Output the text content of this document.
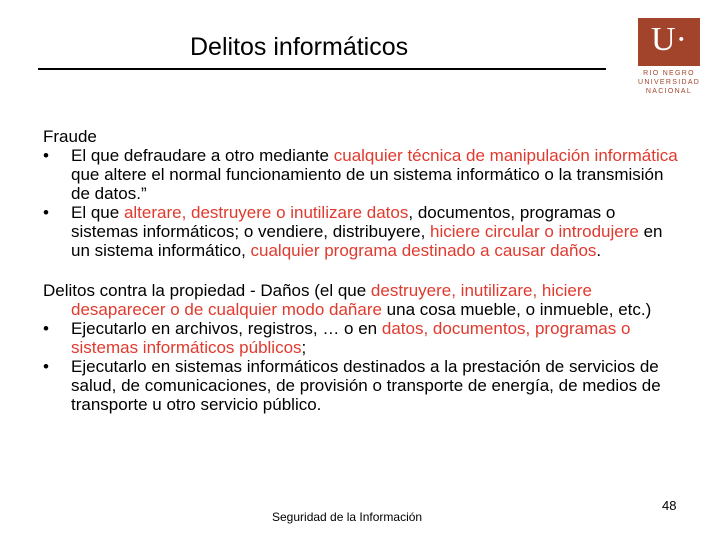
Delitos informáticos	U·
RIO NEGRO
UNIVERSIDAD
NACIONAL

Fraude

•	El que defraudare a otro mediante cualquier técnica de manipulación informática que altere el normal funcionamiento de un sistema informático o la transmisión de datos.”
•	El que alterare, destruyere o inutilizare datos, documentos, programas o sistemas informáticos; o vendiere, distribuyere, hiciere circular o introdujere en un sistema informático, cualquier programa destinado a causar daños.

Delitos contra la propiedad - Daños (el que destruyere, inutilizare, hiciere desaparecer o de cualquier modo dañare una cosa mueble, o inmueble, etc.)

•	Ejecutarlo en archivos, registros, … o en datos, documentos, programas o sistemas informáticos públicos;
•	Ejecutarlo en sistemas informáticos destinados a la prestación de servicios de salud, de comunicaciones, de provisión o transporte de energía, de medios de transporte u otro servicio público.
Seguridad de la Información
48
